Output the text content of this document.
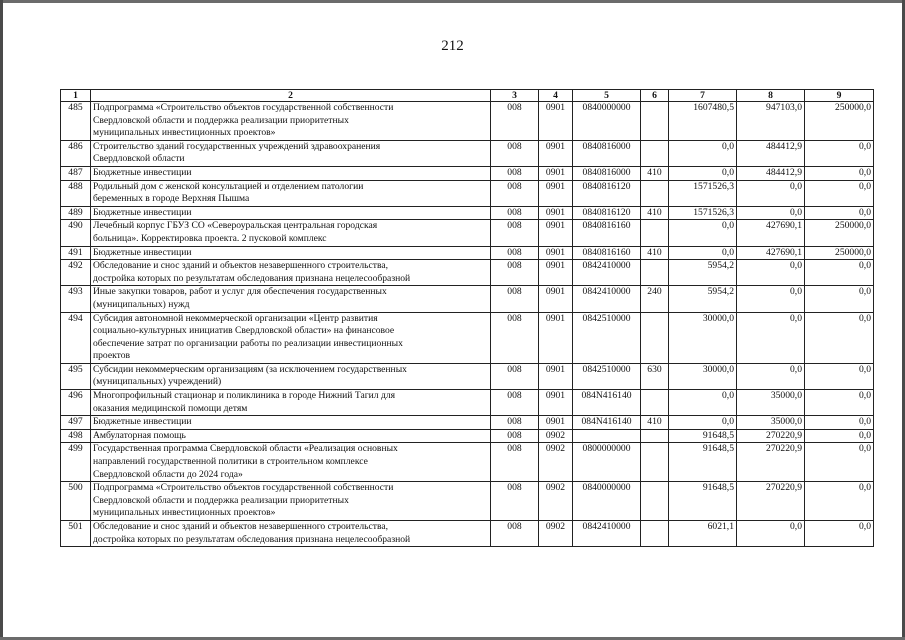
212
1	2	3	4	5	6	7	8	9
485	Подпрограмма «Строительство объектов государственной собственности
Свердловской области и поддержка реализации приоритетных
муниципальных инвестиционных проектов»	008	0901	0840000000		1607480,5	947103,0	250000,0
486	Строительство зданий государственных учреждений здравоохранения
Свердловской области	008	0901	0840816000		0,0	484412,9	0,0
487	Бюджетные инвестиции	008	0901	0840816000	410	0,0	484412,9	0,0
488	Родильный дом с женской консультацией и отделением патологии
беременных в городе Верхняя Пышма	008	0901	0840816120		1571526,3	0,0	0,0
489	Бюджетные инвестиции	008	0901	0840816120	410	1571526,3	0,0	0,0
490	Лечебный корпус ГБУЗ СО «Североуральская центральная городская
больница». Корректировка проекта. 2 пусковой комплекс	008	0901	0840816160		0,0	427690,1	250000,0
491	Бюджетные инвестиции	008	0901	0840816160	410	0,0	427690,1	250000,0
492	Обследование и снос зданий и объектов незавершенного строительства,
достройка которых по результатам обследования признана нецелесообразной	008	0901	0842410000		5954,2	0,0	0,0
493	Иные закупки товаров, работ и услуг для обеспечения государственных
(муниципальных) нужд	008	0901	0842410000	240	5954,2	0,0	0,0
494	Субсидия автономной некоммерческой организации «Центр развития
социально-культурных инициатив Свердловской области» на финансовое
обеспечение затрат по организации работы по реализации инвестиционных
проектов	008	0901	0842510000		30000,0	0,0	0,0
495	Субсидии некоммерческим организациям (за исключением государственных
(муниципальных) учреждений)	008	0901	0842510000	630	30000,0	0,0	0,0
496	Многопрофильный стационар и поликлиника в городе Нижний Тагил для
оказания медицинской помощи детям	008	0901	084N416140		0,0	35000,0	0,0
497	Бюджетные инвестиции	008	0901	084N416140	410	0,0	35000,0	0,0
498	Амбулаторная помощь	008	0902			91648,5	270220,9	0,0
499	Государственная программа Свердловской области «Реализация основных
направлений государственной политики в строительном комплексе
Свердловской области до 2024 года»	008	0902	0800000000		91648,5	270220,9	0,0
500	Подпрограмма «Строительство объектов государственной собственности
Свердловской области и поддержка реализации приоритетных
муниципальных инвестиционных проектов»	008	0902	0840000000		91648,5	270220,9	0,0
501	Обследование и снос зданий и объектов незавершенного строительства,
достройка которых по результатам обследования признана нецелесообразной	008	0902	0842410000		6021,1	0,0	0,0
